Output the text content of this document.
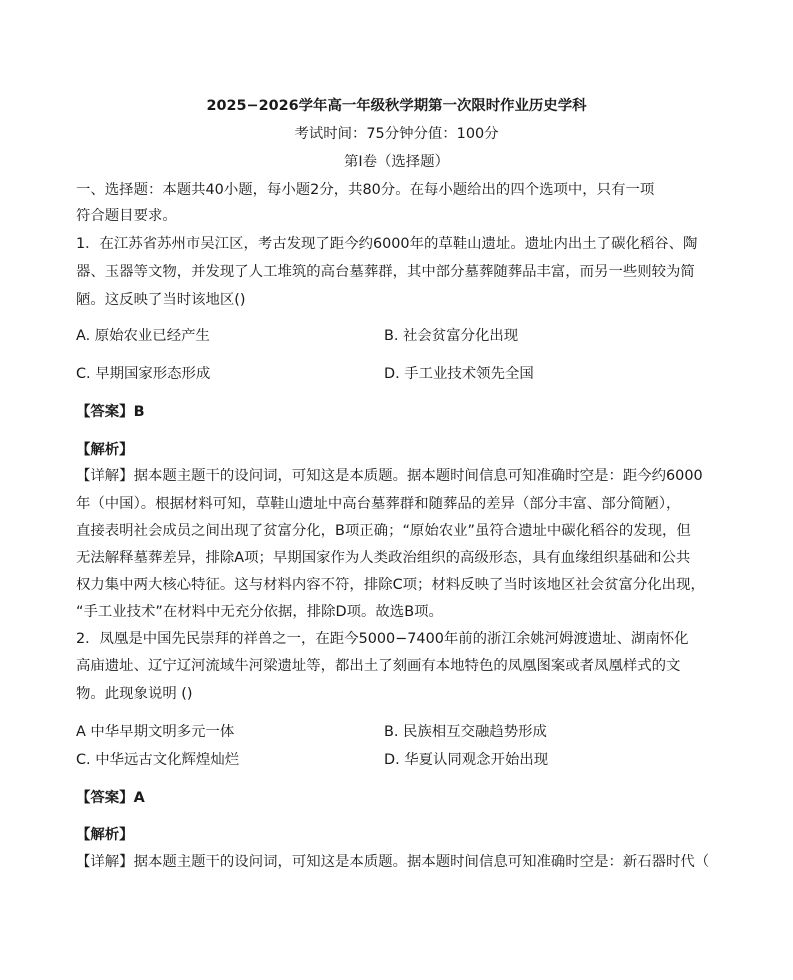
2025−2026学年高一年级秋学期第一次限时作业历史学科
考试时间：75分钟分值：100分
第I卷（选择题）
一、选择题：本题共40小题，每小题2分，共80分。在每小题给出的四个选项中，只有一项
符合题目要求。
1．在江苏省苏州市吴江区，考古发现了距今约6000年的草鞋山遗址。遗址内出土了碳化稻谷、陶
器、玉器等文物，并发现了人工堆筑的高台墓葬群，其中部分墓葬随葬品丰富，而另一些则较为简
陋。这反映了当时该地区()
A. 原始农业已经产生	B. 社会贫富分化出现
C. 早期国家形态形成	D. 手工业技术领先全国
【答案】B
【解析】
【详解】据本题主题干的设问词，可知这是本质题。据本题时间信息可知准确时空是：距今约6000
年（中国）。根据材料可知，草鞋山遗址中高台墓葬群和随葬品的差异（部分丰富、部分简陋），
直接表明社会成员之间出现了贫富分化，B项正确；“原始农业”虽符合遗址中碳化稻谷的发现，但
无法解释墓葬差异，排除A项；早期国家作为人类政治组织的高级形态，具有血缘组织基础和公共
权力集中两大核心特征。这与材料内容不符，排除C项；材料反映了当时该地区社会贫富分化出现，
“手工业技术”在材料中无充分依据，排除D项。故选B项。
2．凤凰是中国先民崇拜的祥兽之一，在距今5000−7400年前的浙江余姚河姆渡遗址、湖南怀化
高庙遗址、辽宁辽河流域牛河梁遗址等，都出土了刻画有本地特色的凤凰图案或者凤凰样式的文
物。此现象说明 ()
A 中华早期文明多元一体	B. 民族相互交融趋势形成
C. 中华远古文化辉煌灿烂	D. 华夏认同观念开始出现
【答案】A
【解析】
【详解】据本题主题干的设问词，可知这是本质题。据本题时间信息可知准确时空是：新石器时代（
